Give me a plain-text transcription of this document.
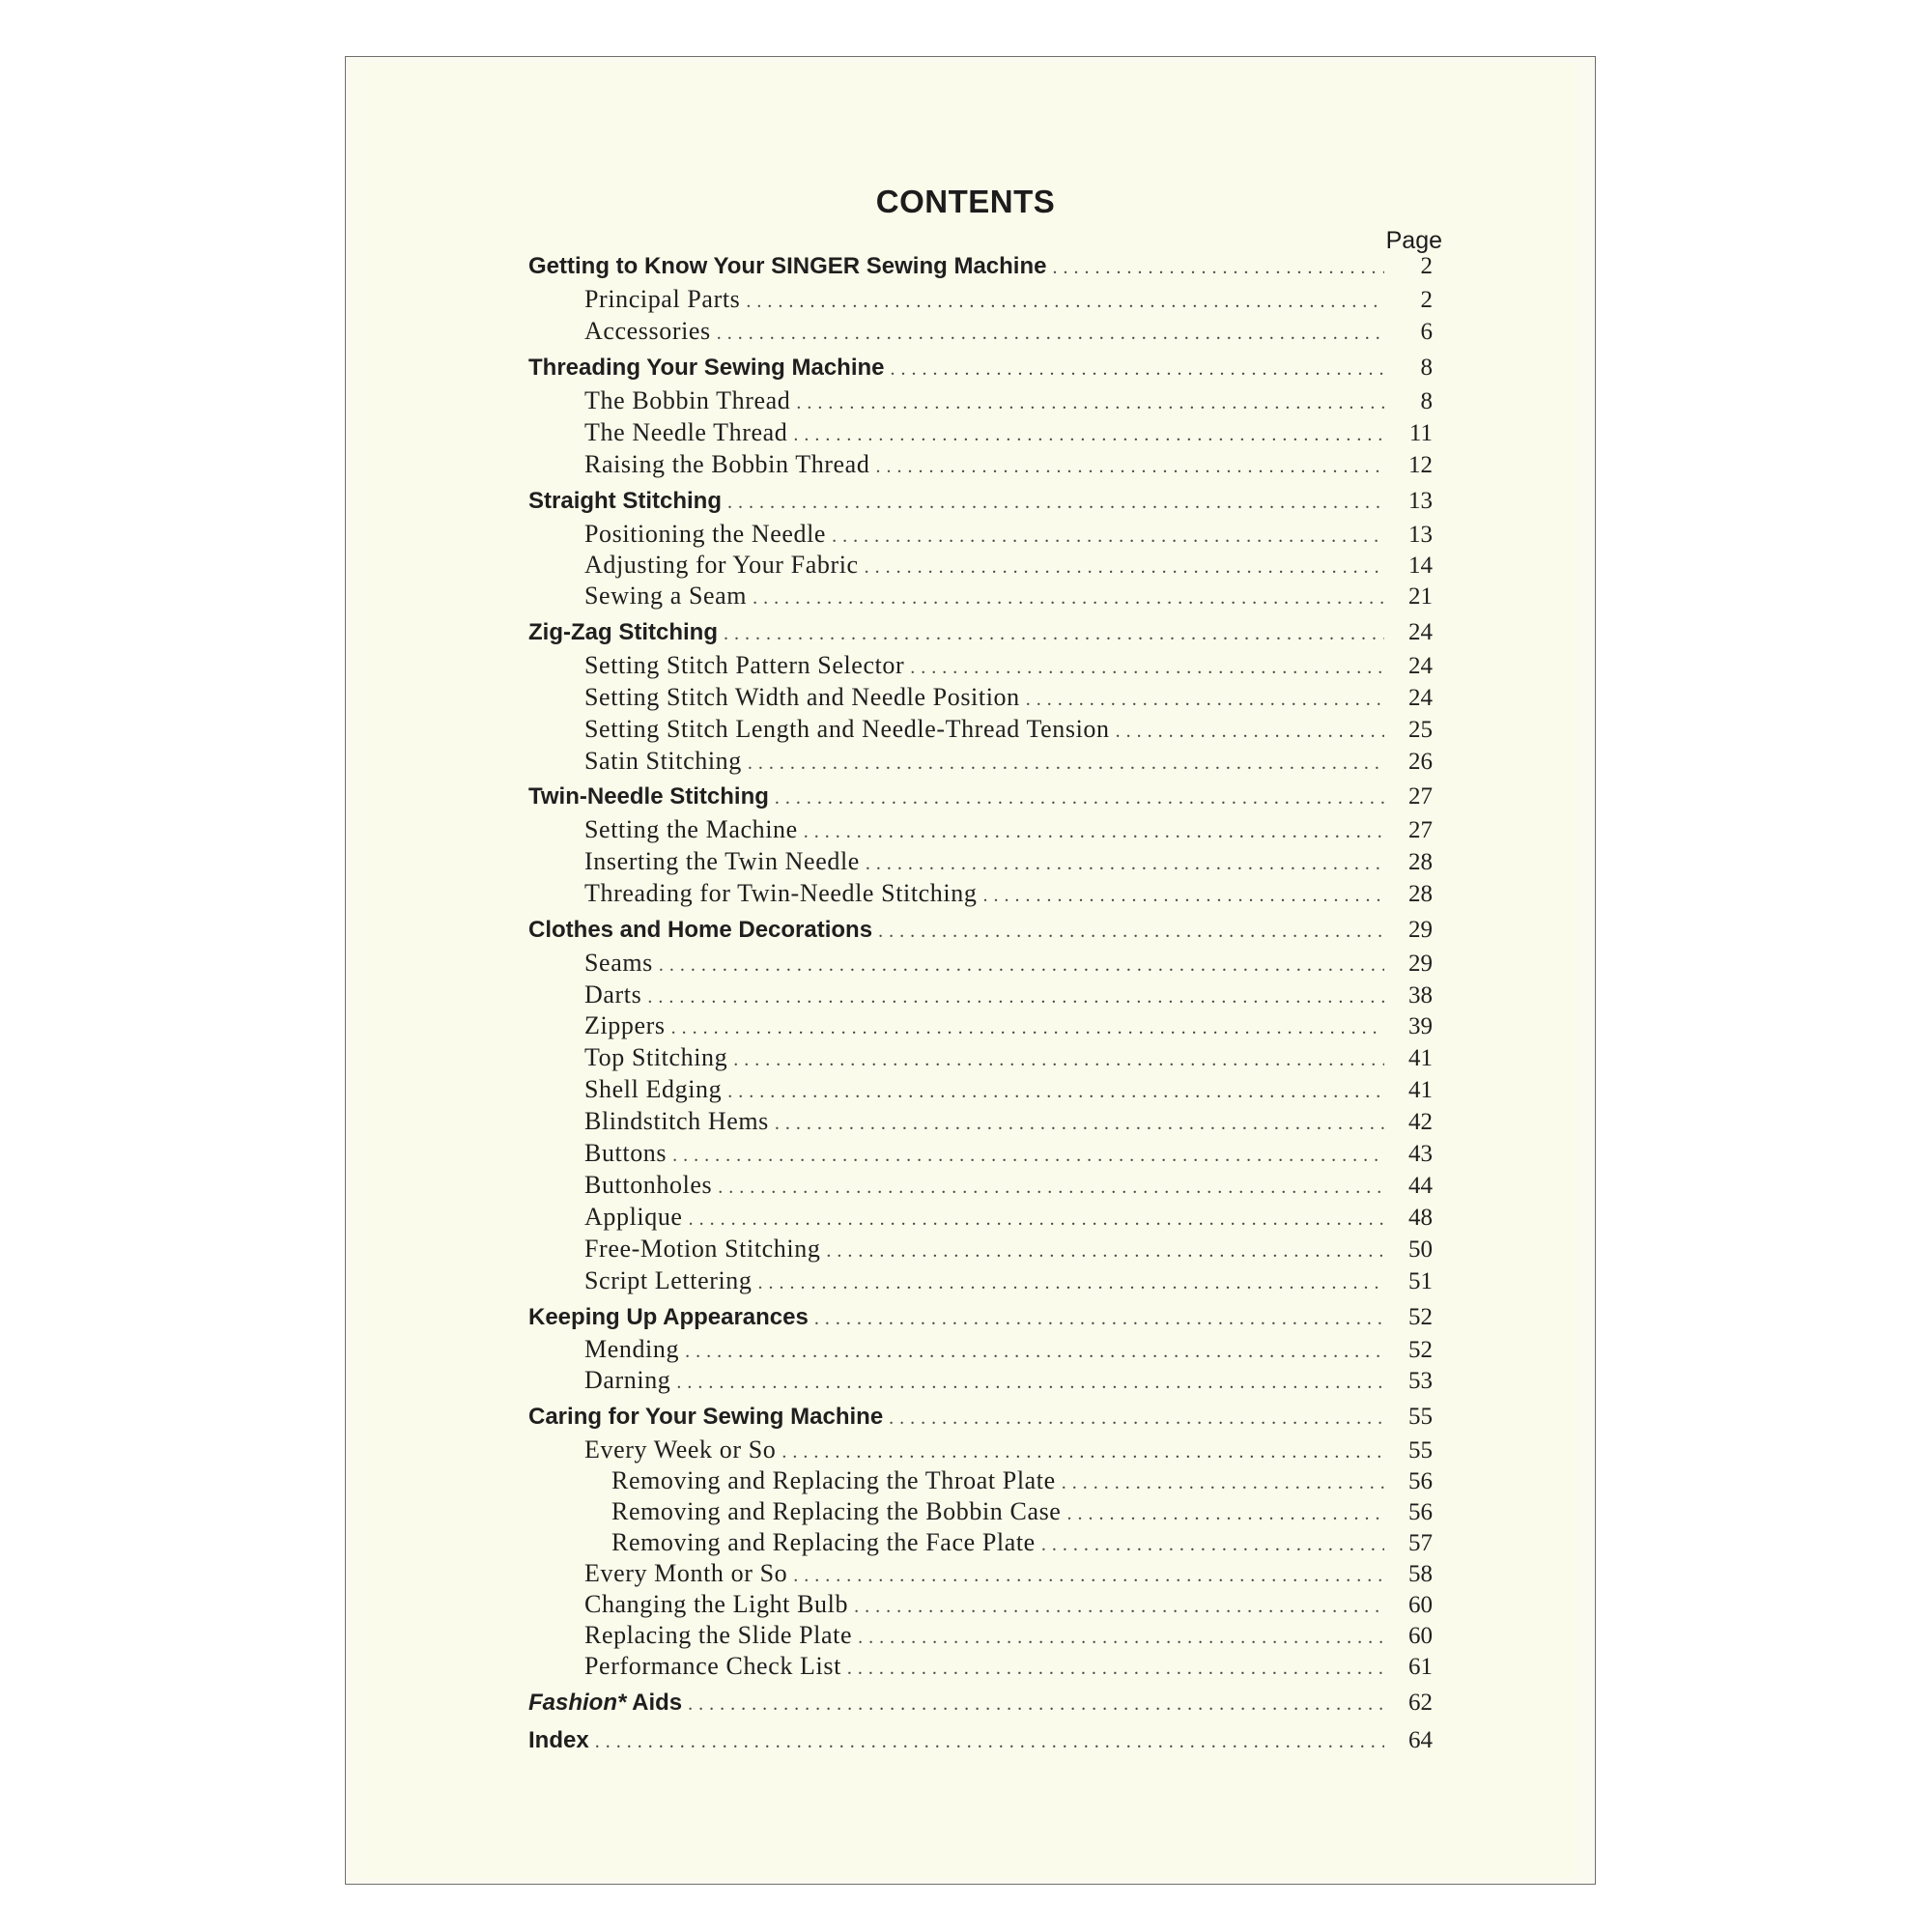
CONTENTS
Page
Getting to Know Your SINGER Sewing Machine .....	2
Principal Parts .....	2
Accessories .....	6
Threading Your Sewing Machine .....	8
The Bobbin Thread .....	8
The Needle Thread .....	11
Raising the Bobbin Thread .....	12
Straight Stitching .....	13
Positioning the Needle .....	13
Adjusting for Your Fabric .....	14
Sewing a Seam .....	21
Zig-Zag Stitching .....	24
Setting Stitch Pattern Selector .....	24
Setting Stitch Width and Needle Position .....	24
Setting Stitch Length and Needle-Thread Tension .....	25
Satin Stitching .....	26
Twin-Needle Stitching .....	27
Setting the Machine .....	27
Inserting the Twin Needle .....	28
Threading for Twin-Needle Stitching .....	28
Clothes and Home Decorations .....	29
Seams .....	29
Darts .....	38
Zippers .....	39
Top Stitching .....	41
Shell Edging .....	41
Blindstitch Hems .....	42
Buttons .....	43
Buttonholes .....	44
Applique .....	48
Free-Motion Stitching .....	50
Script Lettering .....	51
Keeping Up Appearances .....	52
Mending .....	52
Darning .....	53
Caring for Your Sewing Machine .....	55
Every Week or So .....	55
Removing and Replacing the Throat Plate .....	56
Removing and Replacing the Bobbin Case .....	56
Removing and Replacing the Face Plate .....	57
Every Month or So .....	58
Changing the Light Bulb .....	60
Replacing the Slide Plate .....	60
Performance Check List .....	61
Fashion* Aids .....	62
Index .....	64
